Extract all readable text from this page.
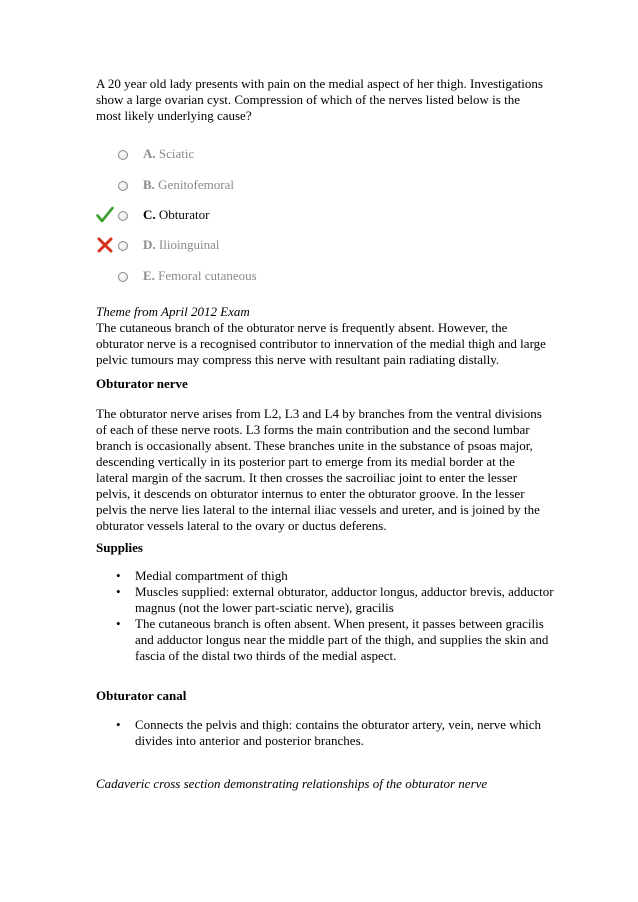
A 20 year old lady presents with pain on the medial aspect of her thigh. Investigations show a large ovarian cyst. Compression of which of the nerves listed below is the most likely underlying cause?

A. Sciatic
B. Genitofemoral
C. Obturator
D. Ilioinguinal
E. Femoral cutaneous

Theme from April 2012 Exam

The cutaneous branch of the obturator nerve is frequently absent. However, the obturator nerve is a recognised contributor to innervation of the medial thigh and large pelvic tumours may compress this nerve with resultant pain radiating distally.

Obturator nerve

The obturator nerve arises from L2, L3 and L4 by branches from the ventral divisions of each of these nerve roots. L3 forms the main contribution and the second lumbar branch is occasionally absent. These branches unite in the substance of psoas major, descending vertically in its posterior part to emerge from its medial border at the lateral margin of the sacrum. It then crosses the sacroiliac joint to enter the lesser pelvis, it descends on obturator internus to enter the obturator groove. In the lesser pelvis the nerve lies lateral to the internal iliac vessels and ureter, and is joined by the obturator vessels lateral to the ovary or ductus deferens.

Supplies

• Medial compartment of thigh
• Muscles supplied: external obturator, adductor longus, adductor brevis, adductor magnus (not the lower part-sciatic nerve), gracilis
• The cutaneous branch is often absent. When present, it passes between gracilis and adductor longus near the middle part of the thigh, and supplies the skin and fascia of the distal two thirds of the medial aspect.

Obturator canal

• Connects the pelvis and thigh: contains the obturator artery, vein, nerve which divides into anterior and posterior branches.

Cadaveric cross section demonstrating relationships of the obturator nerve
